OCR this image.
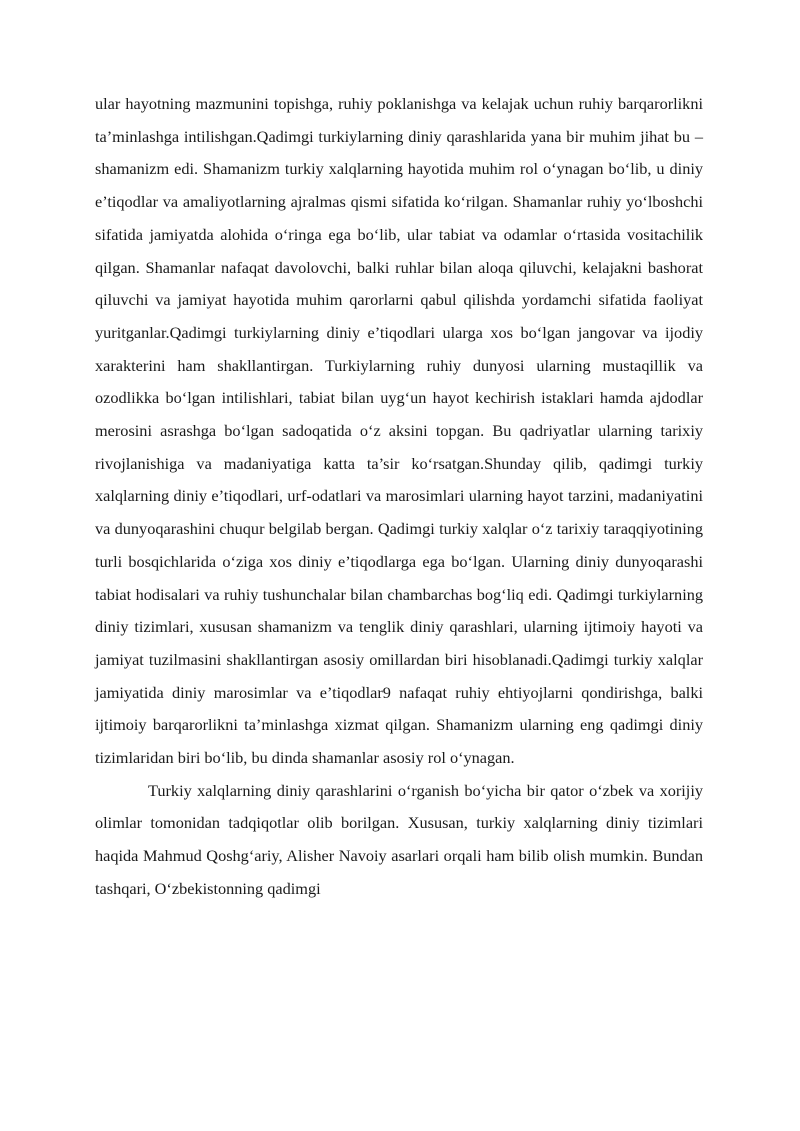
ular hayotning mazmunini topishga, ruhiy poklanishga va kelajak uchun ruhiy barqarorlikni ta’minlashga intilishgan.Qadimgi turkiylarning diniy qarashlarida yana bir muhim jihat bu – shamanizm edi. Shamanizm turkiy xalqlarning hayotida muhim rol o‘ynagan bo‘lib, u diniy e’tiqodlar va amaliyotlarning ajralmas qismi sifatida ko‘rilgan. Shamanlar ruhiy yo‘lboshchi sifatida jamiyatda alohida o‘ringa ega bo‘lib, ular tabiat va odamlar o‘rtasida vositachilik qilgan. Shamanlar nafaqat davolovchi, balki ruhlar bilan aloqa qiluvchi, kelajakni bashorat qiluvchi va jamiyat hayotida muhim qarorlarni qabul qilishda yordamchi sifatida faoliyat yuritganlar.Qadimgi turkiylarning diniy e’tiqodlari ularga xos bo‘lgan jangovar va ijodiy xarakterini ham shakllantirgan. Turkiylarning ruhiy dunyosi ularning mustaqillik va ozodlikka bo‘lgan intilishlari, tabiat bilan uyg‘un hayot kechirish istaklari hamda ajdodlar merosini asrashga bo‘lgan sadoqatida o‘z aksini topgan. Bu qadriyatlar ularning tarixiy rivojlanishiga va madaniyatiga katta ta’sir ko‘rsatgan.Shunday qilib, qadimgi turkiy xalqlarning diniy e’tiqodlari, urf-odatlari va marosimlari ularning hayot tarzini, madaniyatini va dunyoqarashini chuqur belgilab bergan. Qadimgi turkiy xalqlar o‘z tarixiy taraqqiyotining turli bosqichlarida o‘ziga xos diniy e’tiqodlarga ega bo‘lgan. Ularning diniy dunyoqarashi tabiat hodisalari va ruhiy tushunchalar bilan chambarchas bog‘liq edi. Qadimgi turkiylarning diniy tizimlari, xususan shamanizm va tenglik diniy qarashlari, ularning ijtimoiy hayoti va jamiyat tuzilmasini shakllantirgan asosiy omillardan biri hisoblanadi.Qadimgi turkiy xalqlar jamiyatida diniy marosimlar va e’tiqodlar9 nafaqat ruhiy ehtiyojlarni qondirishga, balki ijtimoiy barqarorlikni ta’minlashga xizmat qilgan. Shamanizm ularning eng qadimgi diniy tizimlaridan biri bo‘lib, bu dinda shamanlar asosiy rol o‘ynagan.

Turkiy xalqlarning diniy qarashlarini o‘rganish bo‘yicha bir qator o‘zbek va xorijiy olimlar tomonidan tadqiqotlar olib borilgan. Xususan, turkiy xalqlarning diniy tizimlari haqida Mahmud Qoshg‘ariy, Alisher Navoiy asarlari orqali ham bilib olish mumkin. Bundan tashqari, O‘zbekistonning qadimgi
